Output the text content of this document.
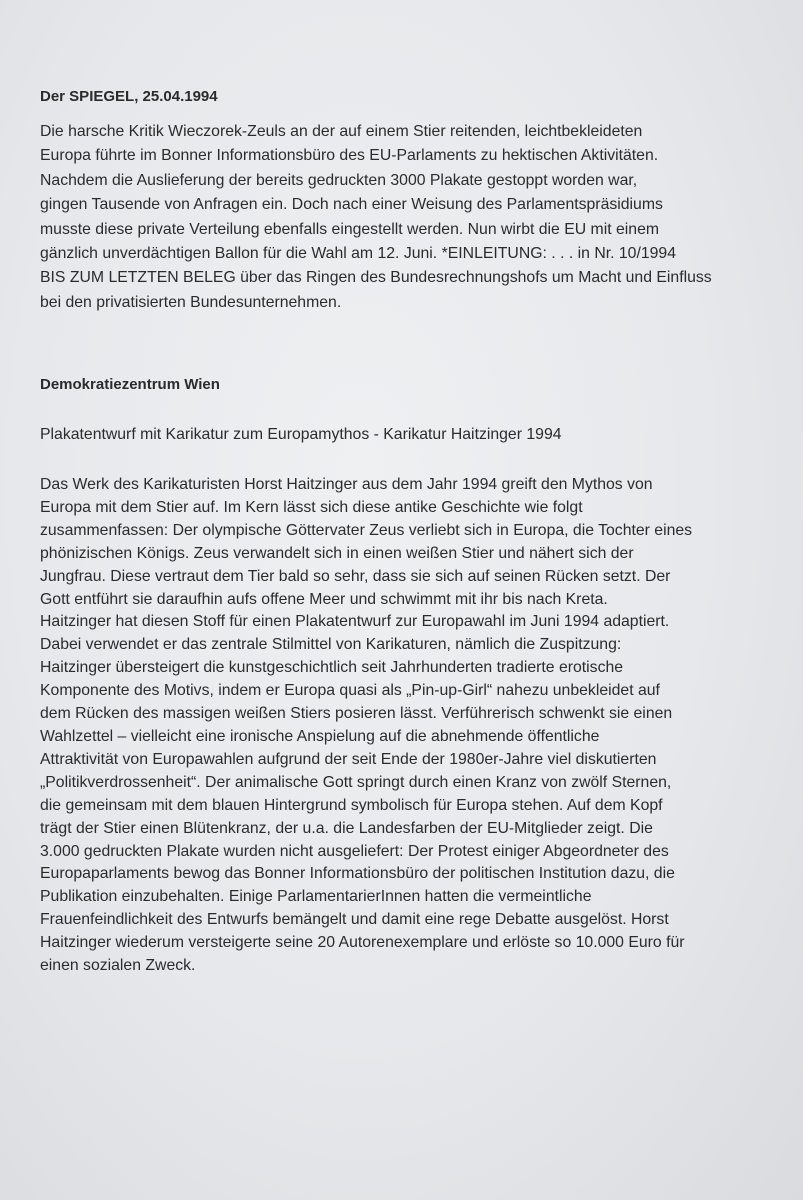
Der SPIEGEL, 25.04.1994
Die harsche Kritik Wieczorek-Zeuls an der auf einem Stier reitenden, leichtbekleideten
Europa führte im Bonner Informationsbüro des EU-Parlaments zu hektischen Aktivitäten.
Nachdem die Auslieferung der bereits gedruckten 3000 Plakate gestoppt worden war,
gingen Tausende von Anfragen ein. Doch nach einer Weisung des Parlamentspräsidiums
musste diese private Verteilung ebenfalls eingestellt werden. Nun wirbt die EU mit einem
gänzlich unverdächtigen Ballon für die Wahl am 12. Juni. *EINLEITUNG: . . . in Nr. 10/1994
BIS ZUM LETZTEN BELEG über das Ringen des Bundesrechnungshofs um Macht und Einfluss
bei den privatisierten Bundesunternehmen.
Demokratiezentrum Wien
Plakatentwurf mit Karikatur zum Europamythos - Karikatur Haitzinger 1994
Das Werk des Karikaturisten Horst Haitzinger aus dem Jahr 1994 greift den Mythos von
Europa mit dem Stier auf. Im Kern lässt sich diese antike Geschichte wie folgt
zusammenfassen: Der olympische Göttervater Zeus verliebt sich in Europa, die Tochter eines
phönizischen Königs. Zeus verwandelt sich in einen weißen Stier und nähert sich der
Jungfrau. Diese vertraut dem Tier bald so sehr, dass sie sich auf seinen Rücken setzt. Der
Gott entführt sie daraufhin aufs offene Meer und schwimmt mit ihr bis nach Kreta.
Haitzinger hat diesen Stoff für einen Plakatentwurf zur Europawahl im Juni 1994 adaptiert.
Dabei verwendet er das zentrale Stilmittel von Karikaturen, nämlich die Zuspitzung:
Haitzinger übersteigert die kunstgeschichtlich seit Jahrhunderten tradierte erotische
Komponente des Motivs, indem er Europa quasi als „Pin-up-Girl“ nahezu unbekleidet auf
dem Rücken des massigen weißen Stiers posieren lässt. Verführerisch schwenkt sie einen
Wahlzettel – vielleicht eine ironische Anspielung auf die abnehmende öffentliche
Attraktivität von Europawahlen aufgrund der seit Ende der 1980er-Jahre viel diskutierten
„Politikverdrossenheit“. Der animalische Gott springt durch einen Kranz von zwölf Sternen,
die gemeinsam mit dem blauen Hintergrund symbolisch für Europa stehen. Auf dem Kopf
trägt der Stier einen Blütenkranz, der u.a. die Landesfarben der EU-Mitglieder zeigt. Die
3.000 gedruckten Plakate wurden nicht ausgeliefert: Der Protest einiger Abgeordneter des
Europaparlaments bewog das Bonner Informationsbüro der politischen Institution dazu, die
Publikation einzubehalten. Einige ParlamentarierInnen hatten die vermeintliche
Frauenfeindlichkeit des Entwurfs bemängelt und damit eine rege Debatte ausgelöst. Horst
Haitzinger wiederum versteigerte seine 20 Autorenexemplare und erlöste so 10.000 Euro für
einen sozialen Zweck.
